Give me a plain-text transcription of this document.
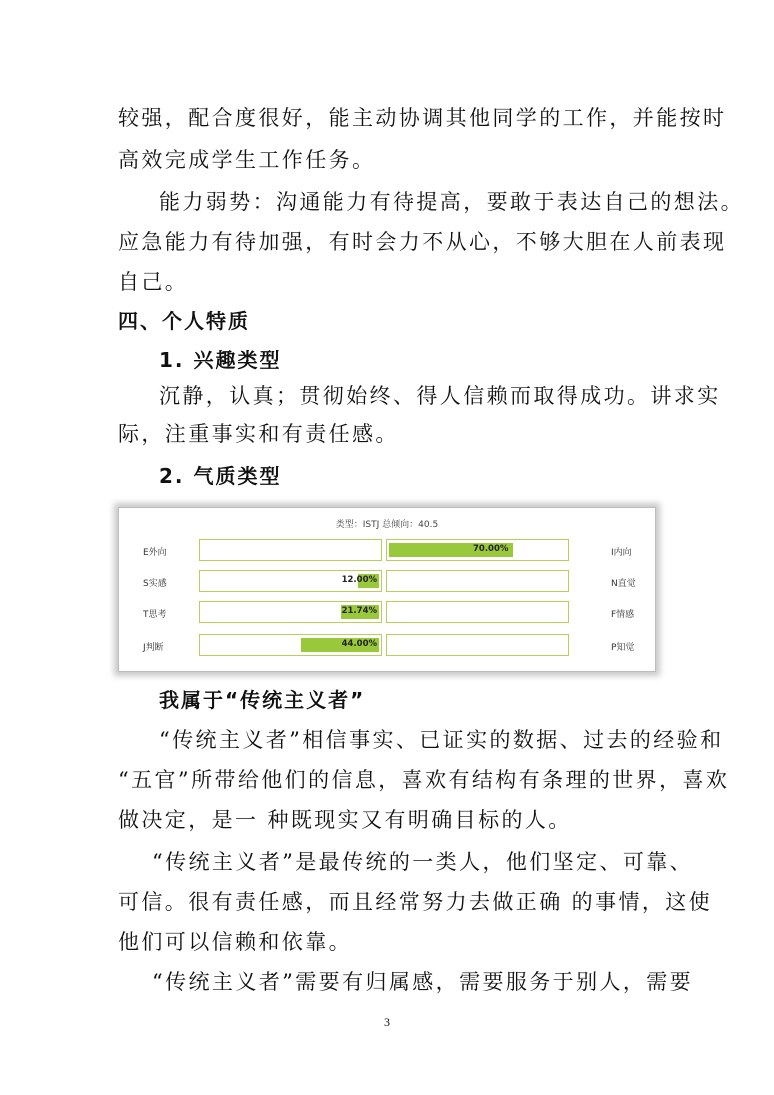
较强，配合度很好，能主动协调其他同学的工作，并能按时
高效完成学生工作任务。
能力弱势：沟通能力有待提高，要敢于表达自己的想法。
应急能力有待加强，有时会力不从心，不够大胆在人前表现
自己。
四、个人特质
1. 兴趣类型
沉静，认真；贯彻始终、得人信赖而取得成功。讲求实
际，注重事实和有责任感。
2. 气质类型
类型：ISTJ 总倾向：40.5
E外向	I内向
70.00%
S实感	N直觉
12.00%
T思考	F情感
21.74%
J判断	P知觉
44.00%
我属于“传统主义者”
“传统主义者”相信事实、已证实的数据、过去的经验和
“五官”所带给他们的信息，喜欢有结构有条理的世界，喜欢
做决定，是一 种既现实又有明确目标的人。
“传统主义者”是最传统的一类人，他们坚定、可靠、
可信。很有责任感，而且经常努力去做正确 的事情，这使
他们可以信赖和依靠。
“传统主义者”需要有归属感，需要服务于别人，需要
3
